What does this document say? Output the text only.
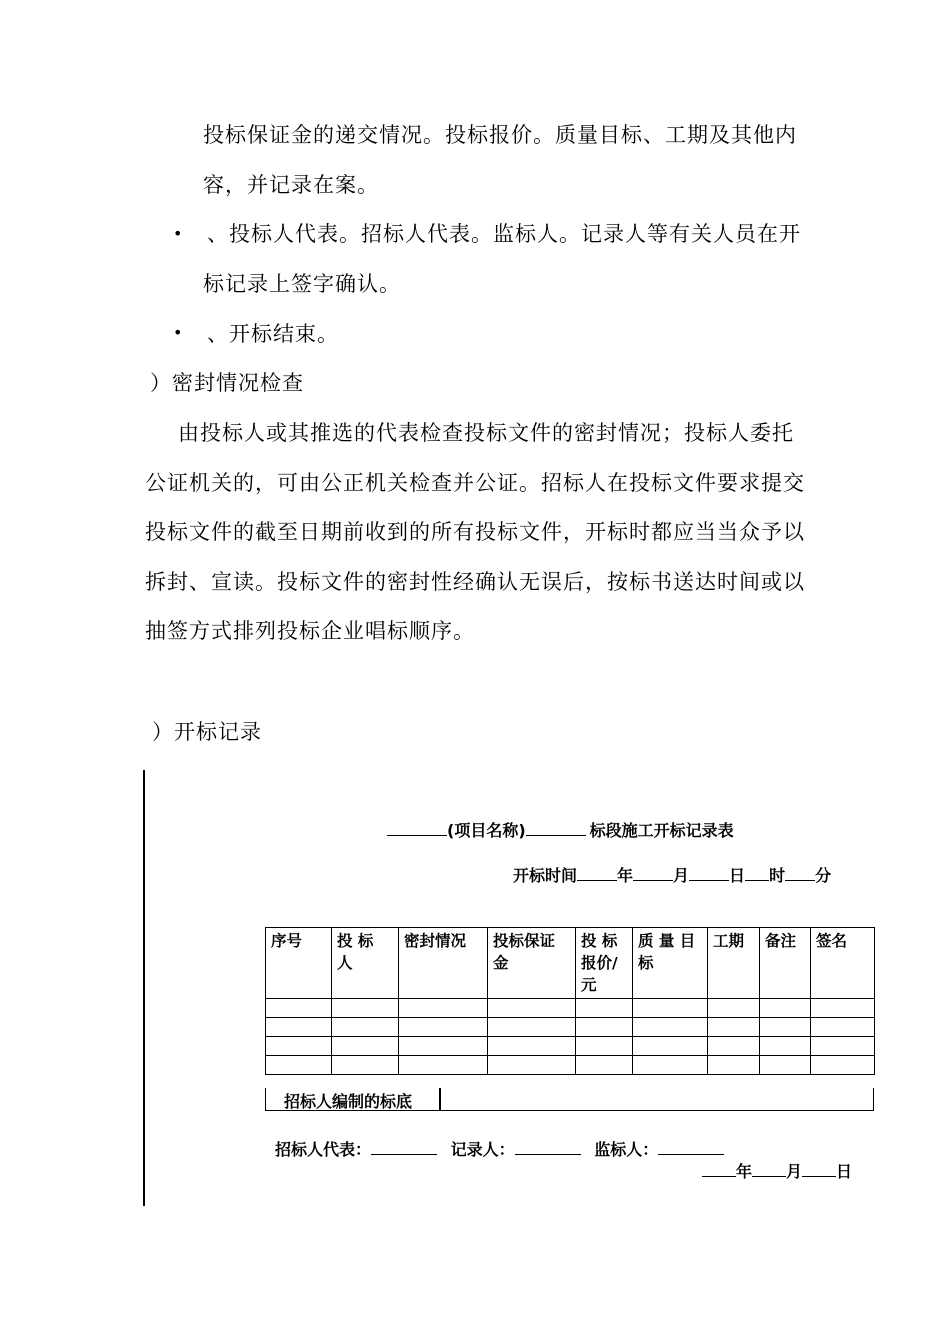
投标保证金的递交情况。投标报价。质量目标、工期及其他内
容，并记录在案。
• 、投标人代表。招标人代表。监标人。记录人等有关人员在开
标记录上签字确认。
• 、开标结束。
）密封情况检查
由投标人或其推选的代表检查投标文件的密封情况；投标人委托
公证机关的，可由公正机关检查并公证。招标人在投标文件要求提交
投标文件的截至日期前收到的所有投标文件，开标时都应当当众予以
拆封、宣读。投标文件的密封性经确认无误后，按标书送达时间或以
抽签方式排列投标企业唱标顺序。
）开标记录
(项目名称)	标段施工开标记录表
开标时间	年	月	日 时 分
序号	投 标 人	密封情况	投标保证金	投 标 报价/元	质 量 目 标	工期	备注	签名

招标人编制的标底
招标人代表：	记录人：	监标人：
年 月 日
